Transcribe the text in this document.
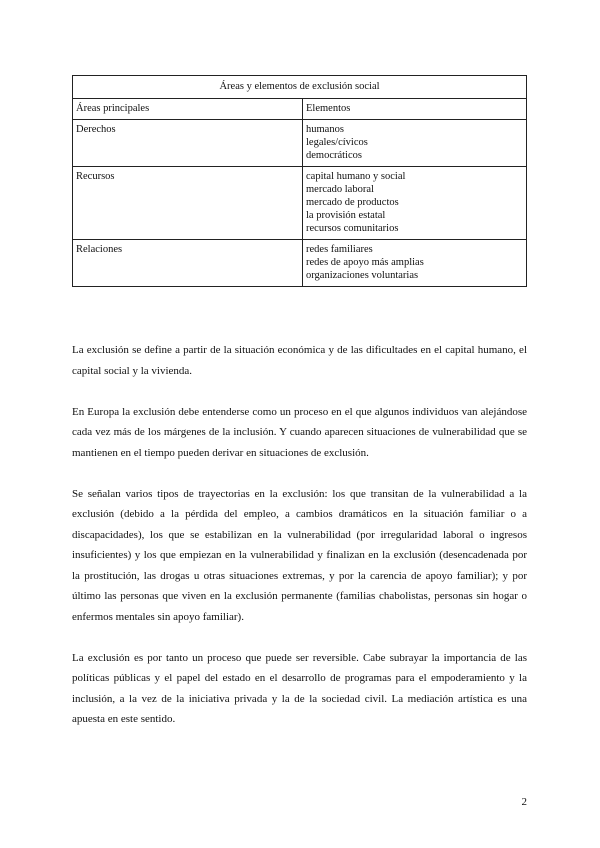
Áreas y elementos de exclusión social	
Áreas principales	Elementos
Derechos	humanos
legales/cívicos
democráticos

Recursos	capital humano y social
mercado laboral
mercado de productos
la provisión estatal
recursos comunitarios

Relaciones	redes familiares
redes de apoyo más amplias
organizaciones voluntarias

La exclusión se define a partir de la situación económica y de las dificultades en el capital humano, el capital social y la vivienda.

En Europa la exclusión debe entenderse como un proceso en el que algunos individuos van alejándose cada vez más de los márgenes de la inclusión. Y cuando aparecen situaciones de vulnerabilidad que se mantienen en el tiempo pueden derivar en situaciones de exclusión.

Se señalan varios tipos de trayectorias en la exclusión: los que transitan de la vulnerabilidad a la exclusión (debido a la pérdida del empleo, a cambios dramáticos en la situación familiar o a discapacidades), los que se estabilizan en la vulnerabilidad (por irregularidad laboral o ingresos insuficientes) y los que empiezan en la vulnerabilidad y finalizan en la exclusión (desencadenada por la prostitución, las drogas u otras situaciones extremas, y por la carencia de apoyo familiar); y por último las personas que viven en la exclusión permanente (familias chabolistas, personas sin hogar o enfermos mentales sin apoyo familiar).

La exclusión es por tanto un proceso que puede ser reversible. Cabe subrayar la importancia de las políticas públicas y el papel del estado en el desarrollo de programas para el empoderamiento y la inclusión, a la vez de la iniciativa privada y la de la sociedad civil. La mediación artística es una apuesta en este sentido.

2
